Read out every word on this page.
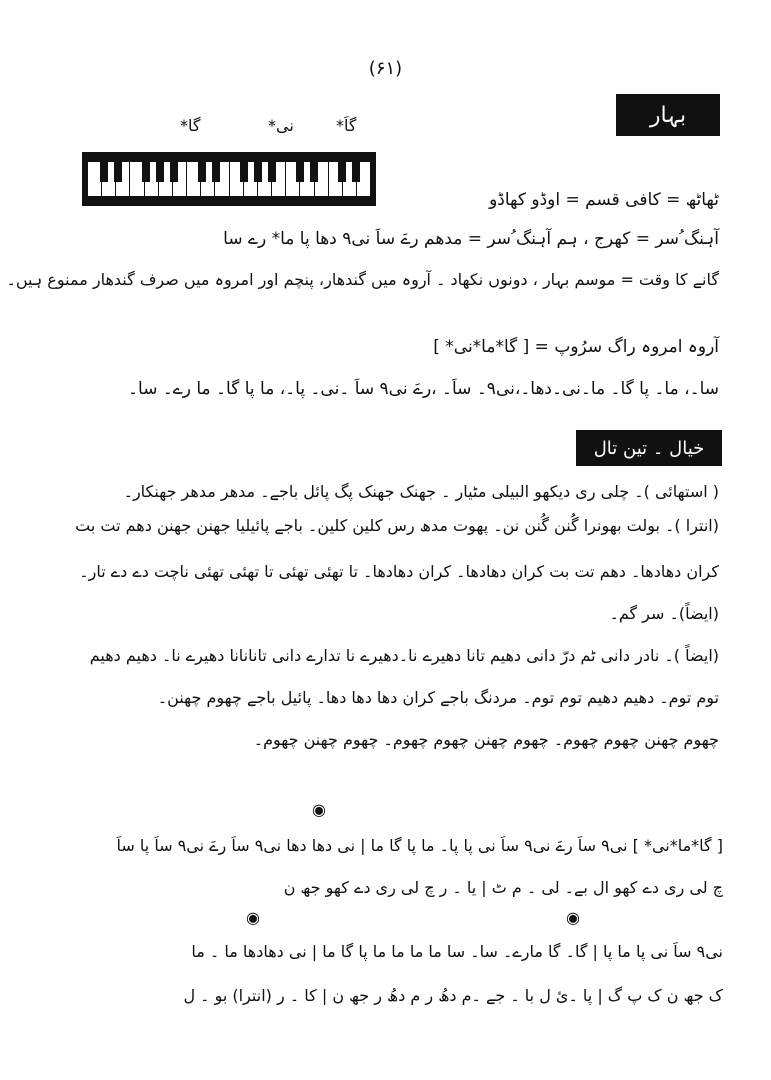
(۶۱)
بہار
گا*	نی*	گاَ*
ٹھاٹھ = کافی قسم = اوڈو کھاڈو
آہنگ ُسر = کھرج ، ہم آہنگ ُسر = مدھم رےَ ساَ نی۹ دھا پا ما* رے سا
گانے کا وقت = موسم بہار ، دونوں نکھاد ۔ آروہ میں گندھار، پنچم اور امروہ میں صرف گندھار ممنوع ہیں۔
آروہ امروہ راگ سرُوپ = [ گا*ما*نی* ]
سا۔، ما۔ پا گا۔ ما۔نی۔دھا۔،نی۹۔ ساَ۔ ،رےَ نی۹ ساَ ۔نی۔ پا۔، ما پا گا۔ ما رے۔ سا۔
خیال ۔ تین تال
( استھائی )۔ چلی ری دیکھو البیلی مٹیار ۔ جھنک جھنک پگ پائل باجے۔ مدھر مدھر جھنکار۔
(انترا )۔ بولت بھونرا گُنن گُنن نن۔ پھوت مدھ رس کلین کلین۔ باجے پائیلیا جھنن جھنن دھم تت بت
کران دھادھا۔ دھم تت بت کران دھادھا۔ کران دھادھا۔ تا تھئی تھئی تا تھئی تھئی ناچت دے دے تار۔
(ایضاً)۔ سر گم۔
(ایضاً )۔ نادر دانی ٹم درّ دانی دھیم تانا دھیرے نا۔دھیرے نا تدارے دانی تانانانا دھیرے نا۔ دھیم دھیم
توم توم۔ دھیم دھیم توم توم۔ مردنگ باجے کران دھا دھا دھا۔ پائیل باجے چھوم چھنن۔
چھوم چھنن چھوم چھوم۔ چھوم چھنن چھوم چھوم۔ چھوم چھنن چھوم۔
◉
[ گا*ما*نی* ] نی۹ ساَ رےَ نی۹ ساَ نی پا پا۔ ما پا گا ما | نی دھا دھا نی۹ ساَ رےَ نی۹ ساَ پا ساَ
چ لی ری دے کھو ال بے۔ لی ۔ م ٹ | یا ۔ ر چ لی ری دے کھو جھ ن
◉	◉
نی۹ ساَ نی پا ما پا | گا۔ گا مارے۔ سا۔ سا ما ما ما ما پا گا ما | نی دھادھا ما ۔ ما
ک جھ ن ک پ گ | پا ۔ئ ل با ۔ جے ۔م دھُ ر م دھُ ر جھ ن | کا ۔ ر (انترا) بو ۔ ل
